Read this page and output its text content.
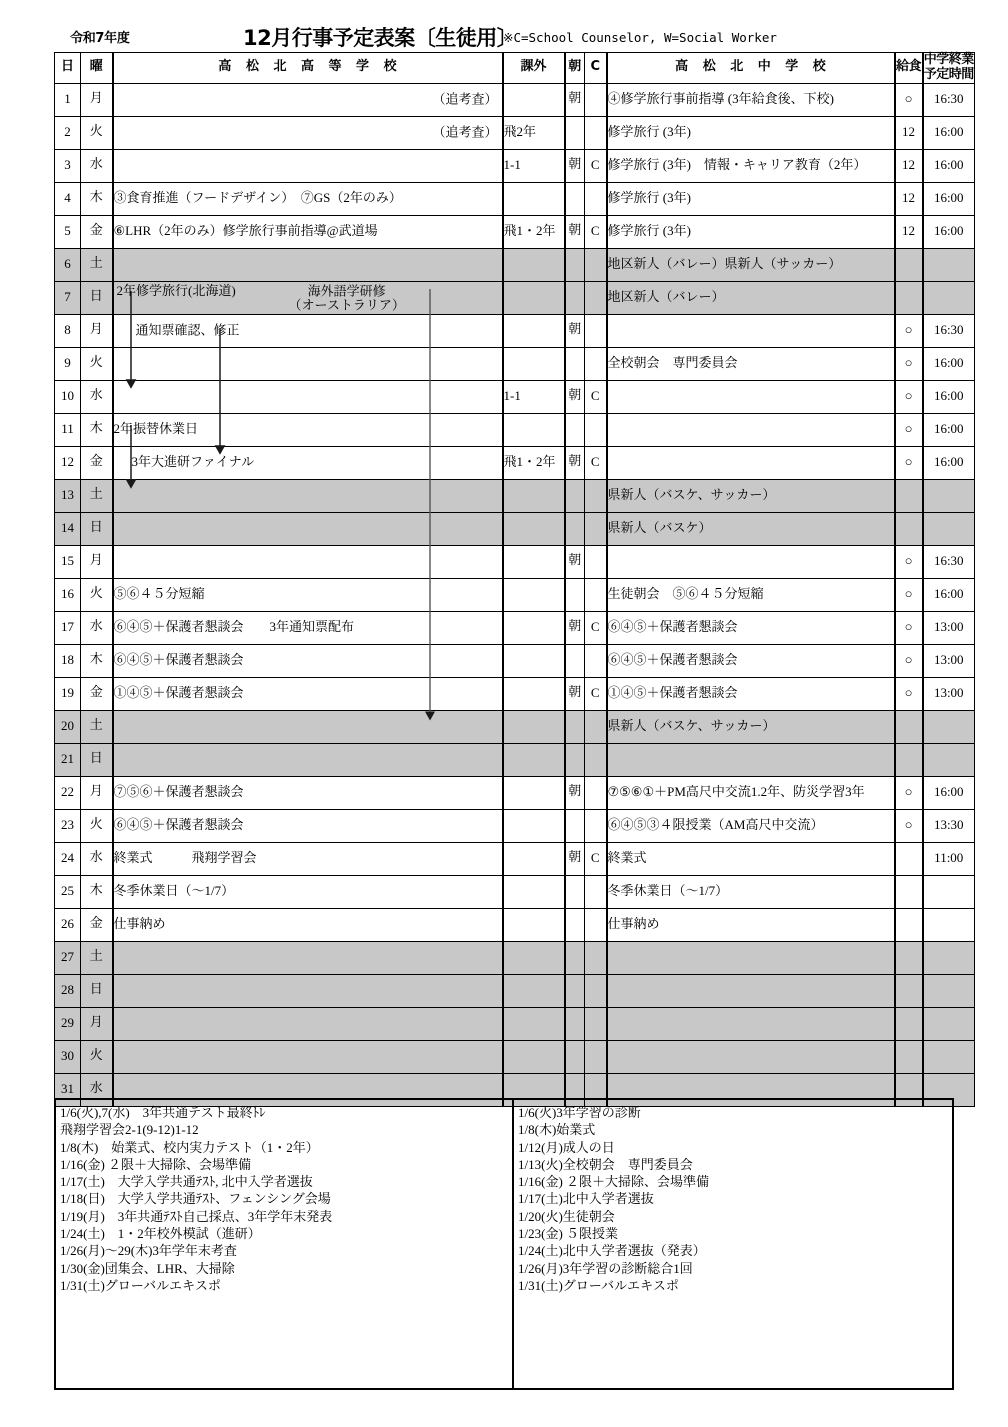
令和7年度	12月行事予定表案〔生徒用〕
※C=School Counselor, W=Social Worker
日	曜	高 松 北 高 等 学 校	課外	朝	C	高 松 北 中 学 校	給食	中学終業
予定時間
1	月	（追考査）		朝		④修学旅行事前指導 (3年給食後、下校)	○	16:30
2	火	（追考査）	飛2年			修学旅行 (3年)	12	16:00
3	水		1-1	朝	C	修学旅行 (3年)　情報・キャリア教育（2年）	12	16:00
4	木	③食育推進（フードデザイン）　⑦GS（2年のみ）				修学旅行 (3年)	12	16:00
5	金	⑥LHR（2年のみ）修学旅行事前指導@武道場	飛1・2年	朝	C	修学旅行 (3年)	12	16:00
6	土					地区新人（バレー）県新人（サッカー）		
7	日	2年修学旅行(北海道) 海外語学研修
（オーストラリア）				地区新人（バレー）		
8	月	通知票確認、修正		朝			○	16:30
9	火					全校朝会　専門委員会	○	16:00
10	水		1-1	朝	C		○	16:00
11	木	2年振替休業日					○	16:00
12	金	3年大進研ファイナル	飛1・2年	朝	C		○	16:00
13	土					県新人（バスケ、サッカー）		
14	日					県新人（バスケ）		
15	月			朝			○	16:30
16	火	⑤⑥４５分短縮				生徒朝会　⑤⑥４５分短縮	○	16:00
17	水	⑥④⑤＋保護者懇談会　　3年通知票配布		朝	C	⑥④⑤＋保護者懇談会	○	13:00
18	木	⑥④⑤＋保護者懇談会				⑥④⑤＋保護者懇談会	○	13:00
19	金	①④⑤＋保護者懇談会		朝	C	①④⑤＋保護者懇談会	○	13:00
20	土					県新人（バスケ、サッカー）		
21	日							
22	月	⑦⑤⑥＋保護者懇談会		朝		⑦⑤⑥①＋PM高尺中交流1.2年、防災学習3年	○	16:00
23	火	⑥④⑤＋保護者懇談会				⑥④⑤③４限授業（AM高尺中交流）	○	13:30
24	水	終業式　　　飛翔学習会		朝	C	終業式		11:00
25	木	冬季休業日（〜1/7）				冬季休業日（〜1/7）		
26	金	仕事納め				仕事納め		
27	土							
28	日							
29	月							
30	火							
31	水							
1/6(火),7(水)　3年共通テスト最終ﾄﾚ
飛翔学習会2-1(9-12)1-12
1/8(木)　始業式、校内実力テスト（1・2年）
1/16(金) ２限＋大掃除、会場準備
1/17(土)　大学入学共通ﾃｽﾄ, 北中入学者選抜
1/18(日)　大学入学共通ﾃｽﾄ、フェンシング会場
1/19(月)　3年共通ﾃｽﾄ自己採点、3年学年末発表
1/24(土)　1・2年校外模試（進研）
1/26(月)〜29(木)3年学年末考査
1/30(金)団集会、LHR、大掃除
1/31(土)グローバルエキスポ
1/6(火)3年学習の診断
1/8(木)始業式
1/12(月)成人の日
1/13(火)全校朝会　専門委員会
1/16(金) ２限＋大掃除、会場準備
1/17(土)北中入学者選抜
1/20(火)生徒朝会
1/23(金) ５限授業
1/24(土)北中入学者選抜（発表）
1/26(月)3年学習の診断総合1回
1/31(土)グローバルエキスポ
